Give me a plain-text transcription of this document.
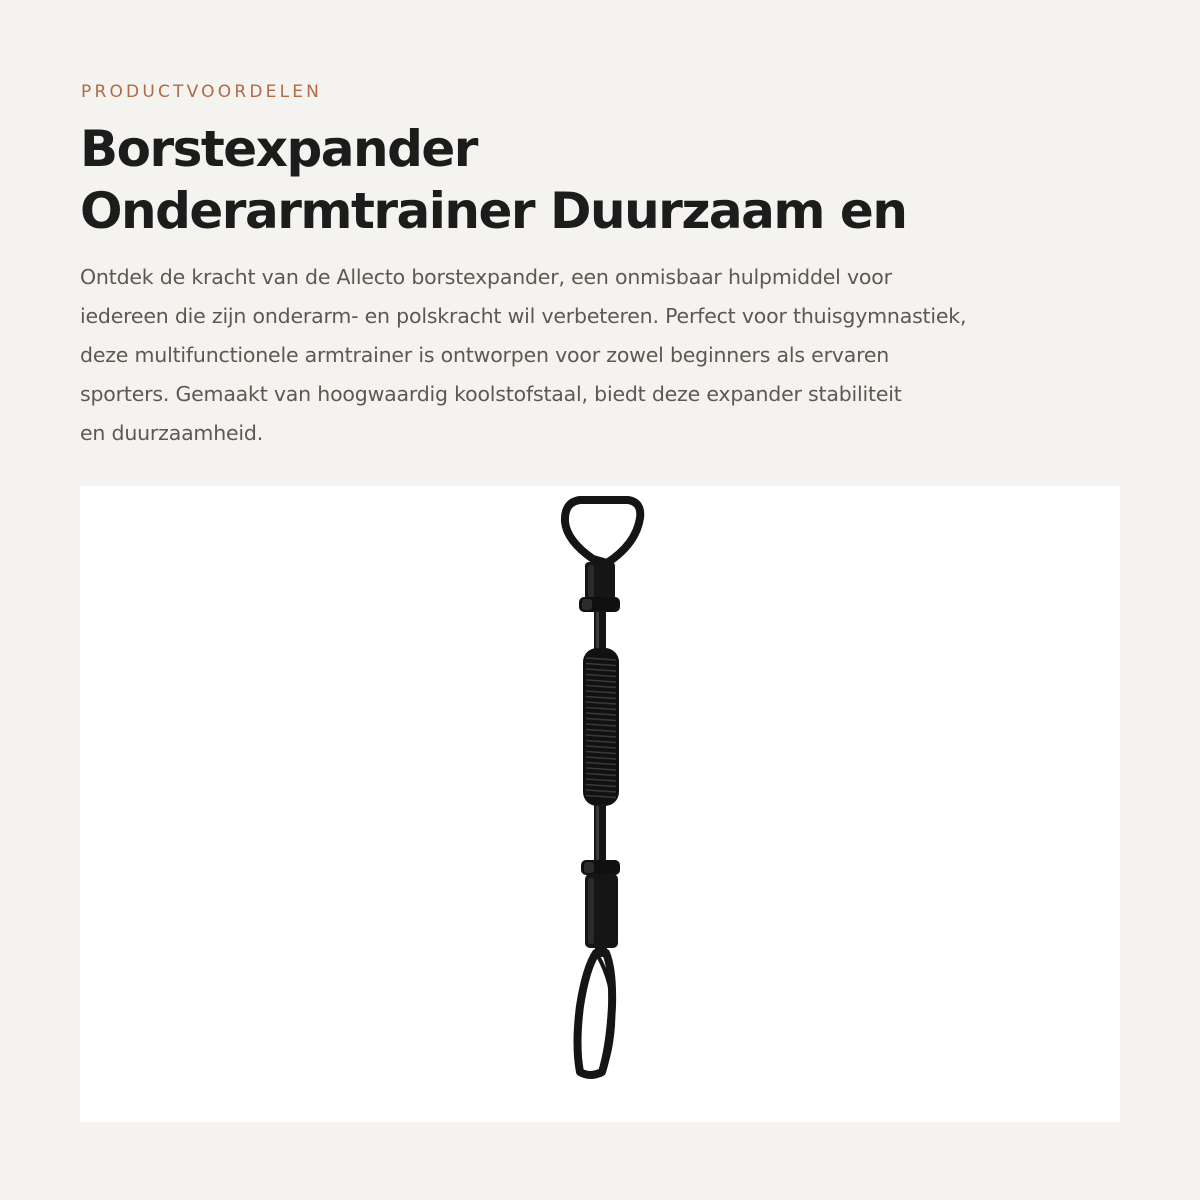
PRODUCTVOORDELEN
Borstexpander
Onderarmtrainer Duurzaam en
Ontdek de kracht van de Allecto borstexpander, een onmisbaar hulpmiddel voor
iedereen die zijn onderarm- en polskracht wil verbeteren. Perfect voor thuisgymnastiek,
deze multifunctionele armtrainer is ontworpen voor zowel beginners als ervaren
sporters. Gemaakt van hoogwaardig koolstofstaal, biedt deze expander stabiliteit
en duurzaamheid.
